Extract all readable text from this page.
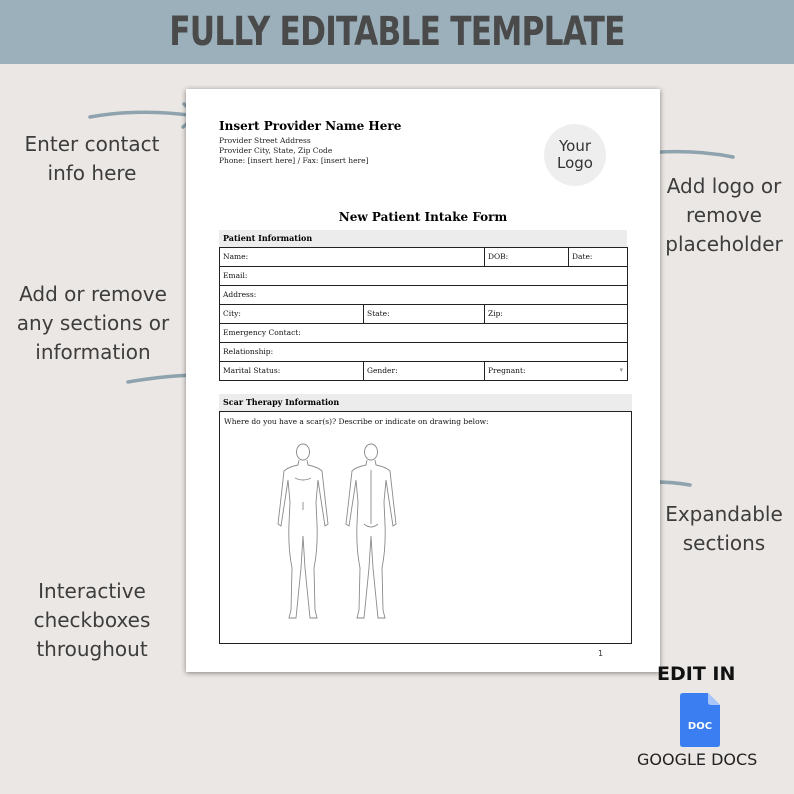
FULLY EDITABLE TEMPLATE
Enter contact
info here
Add or remove
any sections or
information
Interactive
checkboxes
throughout
Add logo or
remove
placeholder
Expandable
sections
Insert Provider Name Here
Provider Street Address
Provider City, State, Zip Code
Phone: [insert here] / Fax: [insert here]
Your
Logo
New Patient Intake Form
Patient Information
Name:	DOB:	Date:
Email:
Address:
City:	State:	Zip:
Emergency Contact:
Relationship:
Marital Status:	Gender:	Pregnant:	▾
Scar Therapy Information
Where do you have a scar(s)? Describe or indicate on drawing below:
1
EDIT IN
DOC
GOOGLE DOCS
